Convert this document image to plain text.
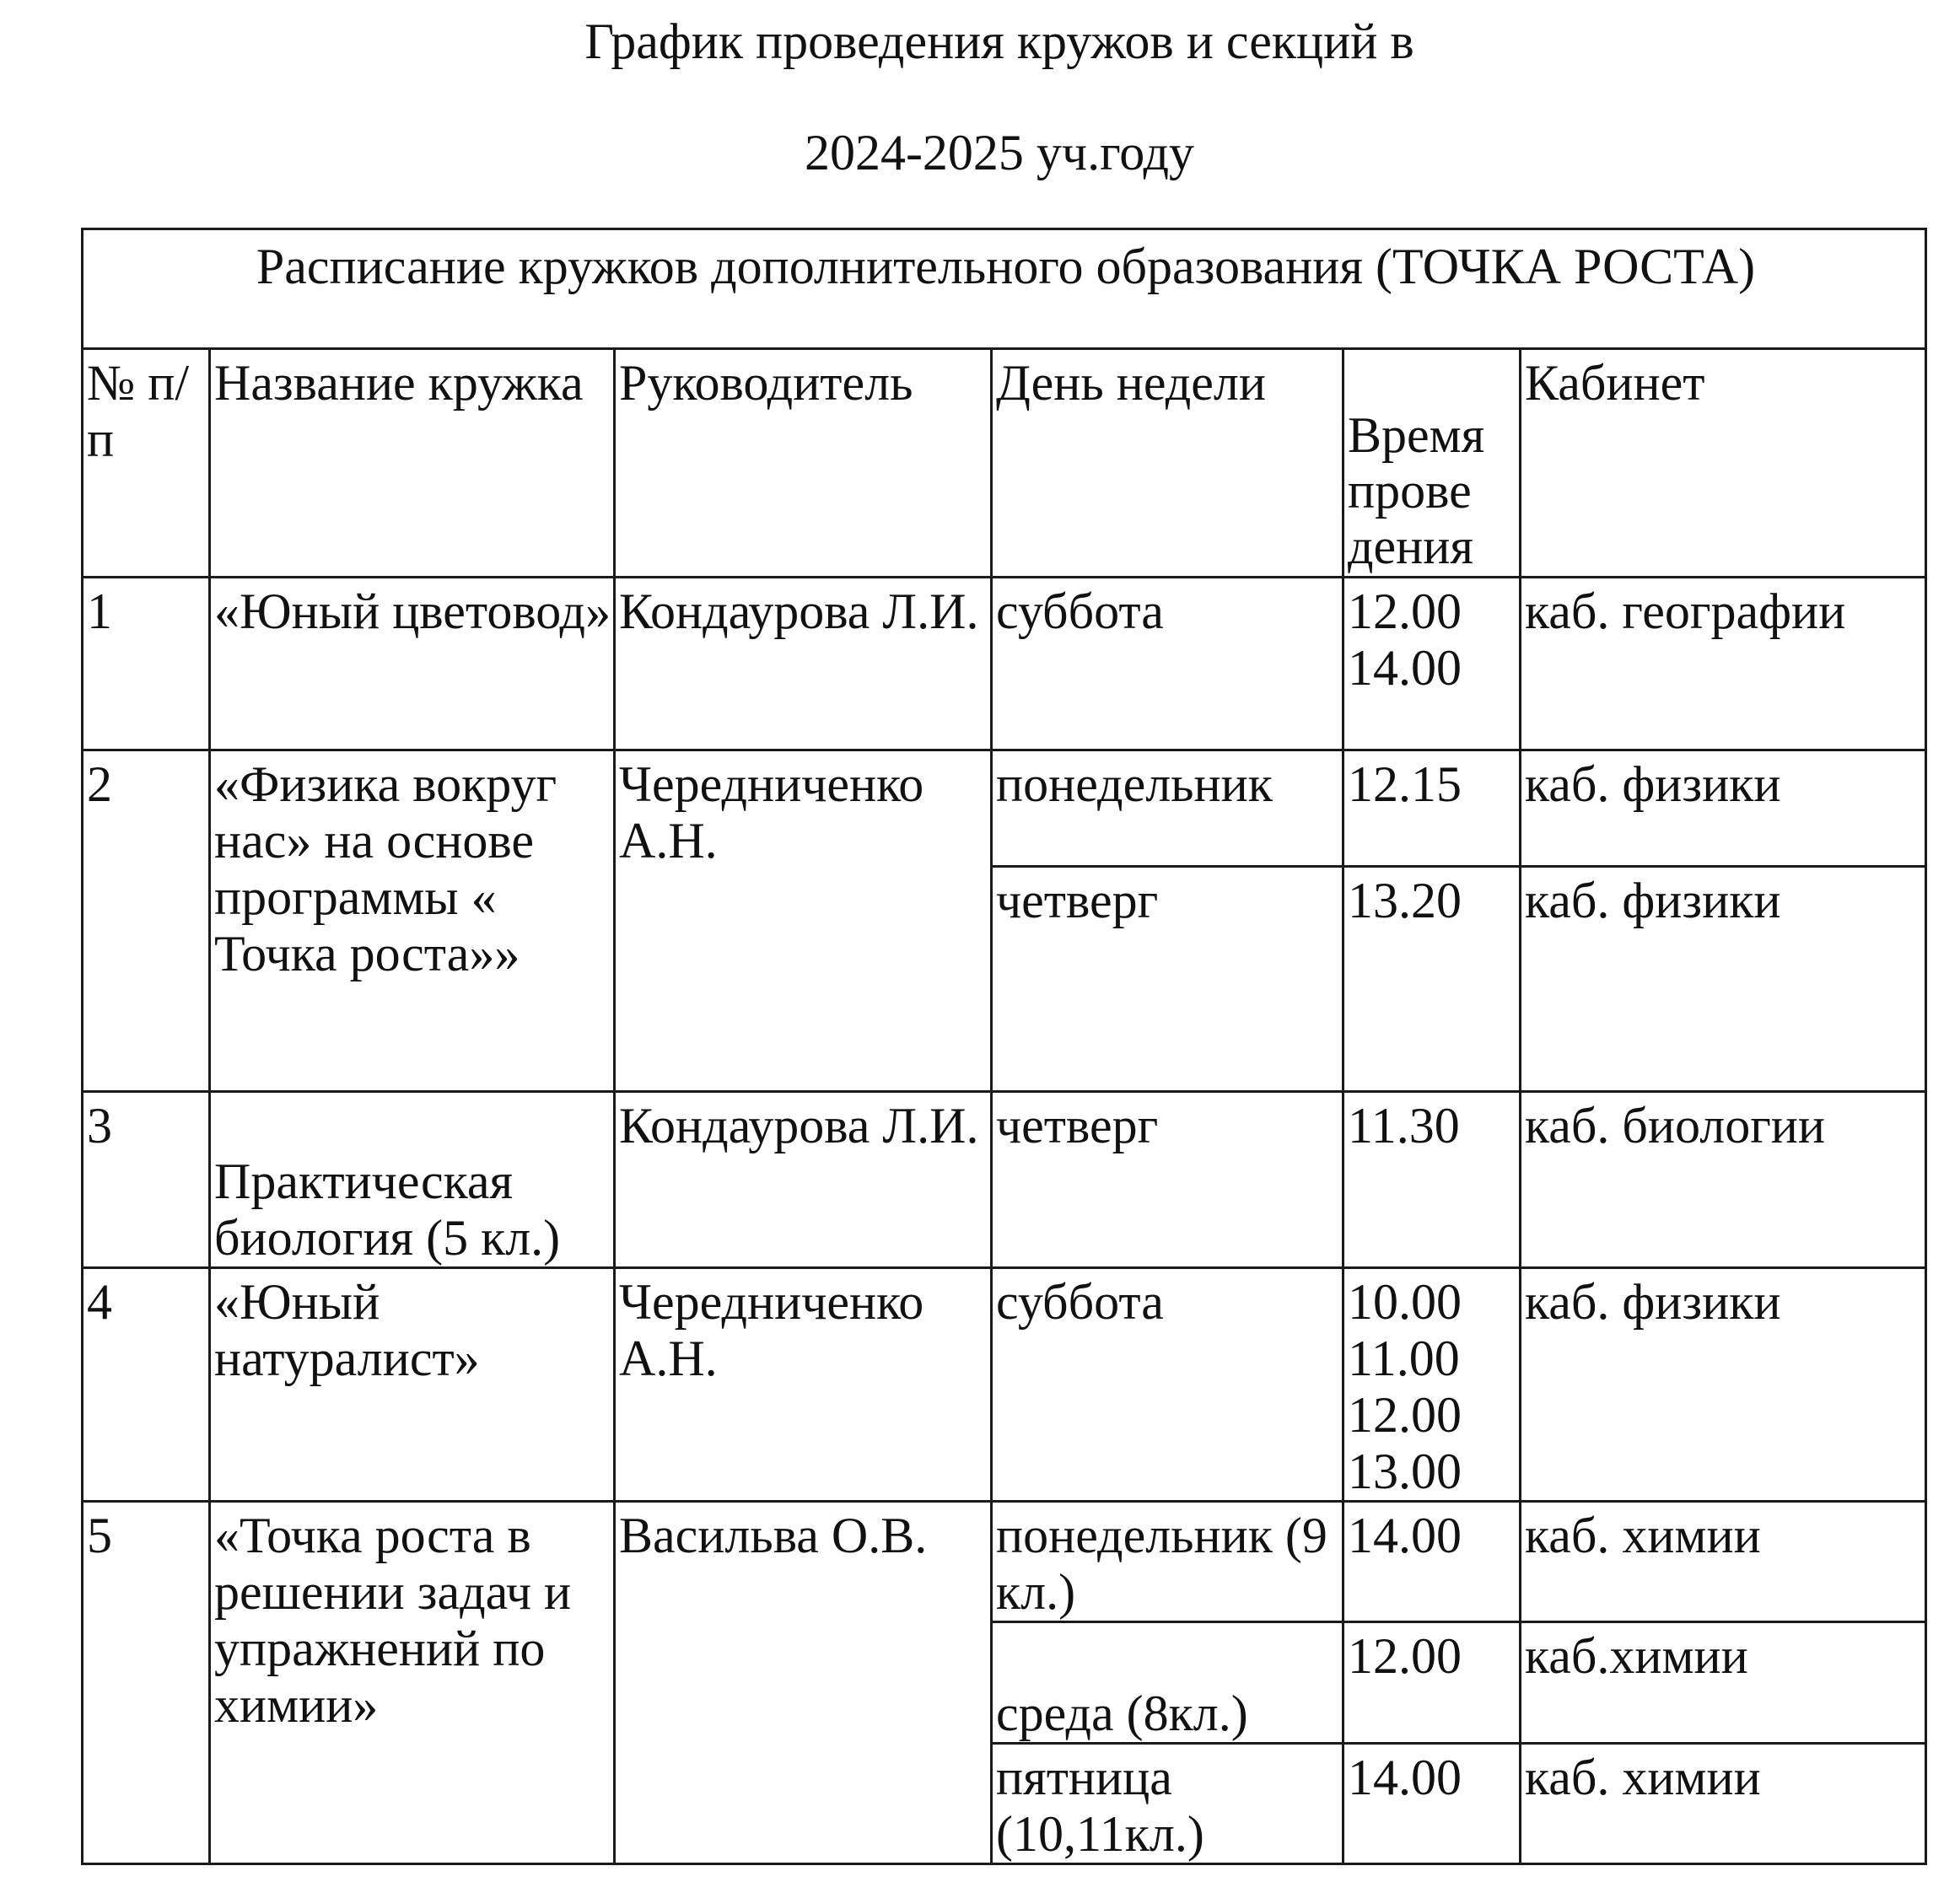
График проведения кружов и секций в
2024-2025 уч.году
Расписание кружков дополнительного образования (ТОЧКА РОСТА)					
№ п/п	Название кружка	Руководитель	День недели	Время прове дения	Кабинет
1	«Юный цветовод»	Кондаурова Л.И.	суббота	12.00 14.00	каб. географии
2	«Физика вокруг нас» на основе программы « Точка роста»»	Чередниченко А.Н.	понедельник	12.15	каб. физики
			четверг	13.20	каб. физики
3	Практическая биология (5 кл.)	Кондаурова Л.И.	четверг	11.30	каб. биологии
4	«Юный натуралист»	Чередниченко А.Н.	суббота	10.00 11.00 12.00 13.00	каб. физики
5	«Точка роста в решении задач и упражнений по химии»	Васильва О.В.	понедельник (9 кл.)	14.00	каб. химии
			среда (8кл.)	12.00	каб.химии
			пятница (10,11кл.)	14.00	каб. химии
